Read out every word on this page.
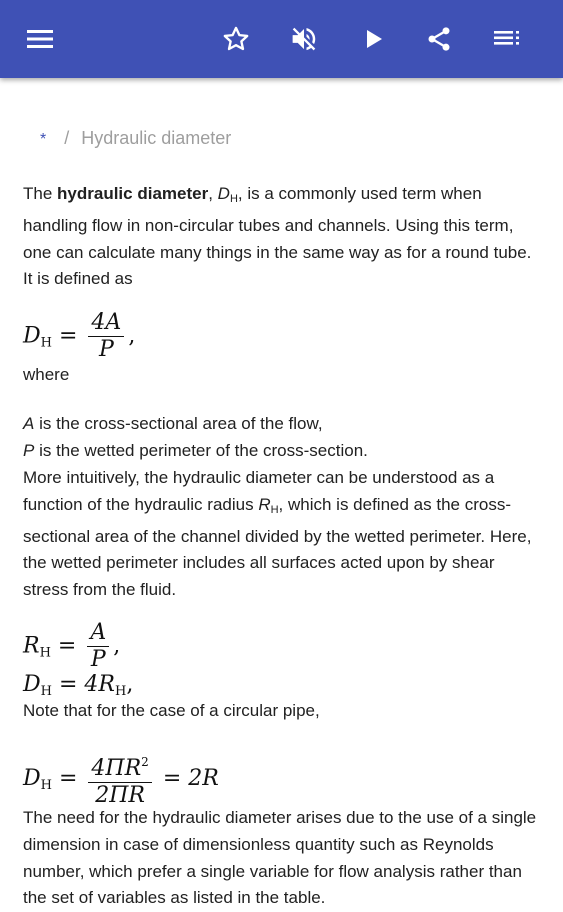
* / Hydraulic diameter

The hydraulic diameter, DH, is a commonly used term when handling flow in non-circular tubes and channels. Using this term, one can calculate many things in the same way as for a round tube. It is defined as

$D_H = \frac{4A}{P}$ ,

where

A is the cross-sectional area of the flow,

P is the wetted perimeter of the cross-section.

More intuitively, the hydraulic diameter can be understood as a function of the hydraulic radius RH, which is defined as the cross-sectional area of the channel divided by the wetted perimeter. Here, the wetted perimeter includes all surfaces acted upon by shear stress from the fluid.

$R_H = \frac{A}{P}$ ,
$D_H = 4R_H$,

Note that for the case of a circular pipe,

$D_H = \frac{4\Pi R^2}{2\Pi R} = 2R$

The need for the hydraulic diameter arises due to the use of a single dimension in case of dimensionless quantity such as Reynolds number, which prefer a single variable for flow analysis rather than the set of variables as listed in the table.
